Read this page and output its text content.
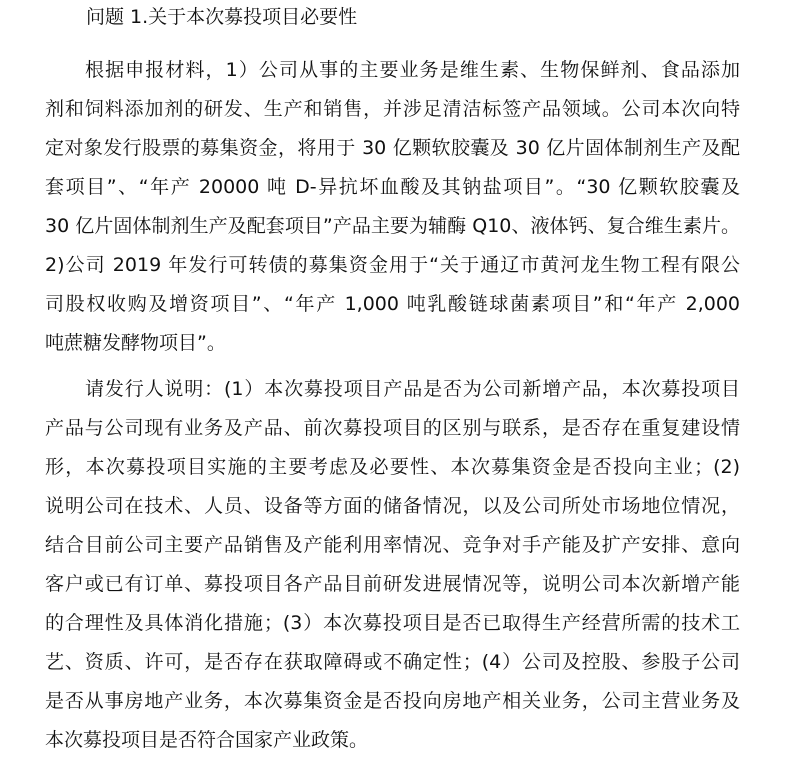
问题 1.关于本次募投项目必要性

根据申报材料，1）公司从事的主要业务是维生素、生物保鲜剂、食品添加
剂和饲料添加剂的研发、生产和销售，并涉足清洁标签产品领域。公司本次向特
定对象发行股票的募集资金，将用于 30 亿颗软胶囊及 30 亿片固体制剂生产及配
套项目”、“年产 20000 吨 D-异抗坏血酸及其钠盐项目”。“30 亿颗软胶囊及
30 亿片固体制剂生产及配套项目”产品主要为辅酶 Q10、液体钙、复合维生素片。
2)公司 2019 年发行可转债的募集资金用于“关于通辽市黄河龙生物工程有限公
司股权收购及增资项目”、“年产 1,000 吨乳酸链球菌素项目”和“年产 2,000
吨蔗糖发酵物项目”。

请发行人说明：(1）本次募投项目产品是否为公司新增产品，本次募投项目
产品与公司现有业务及产品、前次募投项目的区别与联系，是否存在重复建设情
形，本次募投项目实施的主要考虑及必要性、本次募集资金是否投向主业；(2)
说明公司在技术、人员、设备等方面的储备情况，以及公司所处市场地位情况，
结合目前公司主要产品销售及产能利用率情况、竞争对手产能及扩产安排、意向
客户或已有订单、募投项目各产品目前研发进展情况等，说明公司本次新增产能
的合理性及具体消化措施；(3）本次募投项目是否已取得生产经营所需的技术工
艺、资质、许可，是否存在获取障碍或不确定性；(4）公司及控股、参股子公司
是否从事房地产业务，本次募集资金是否投向房地产相关业务，公司主营业务及
本次募投项目是否符合国家产业政策。
